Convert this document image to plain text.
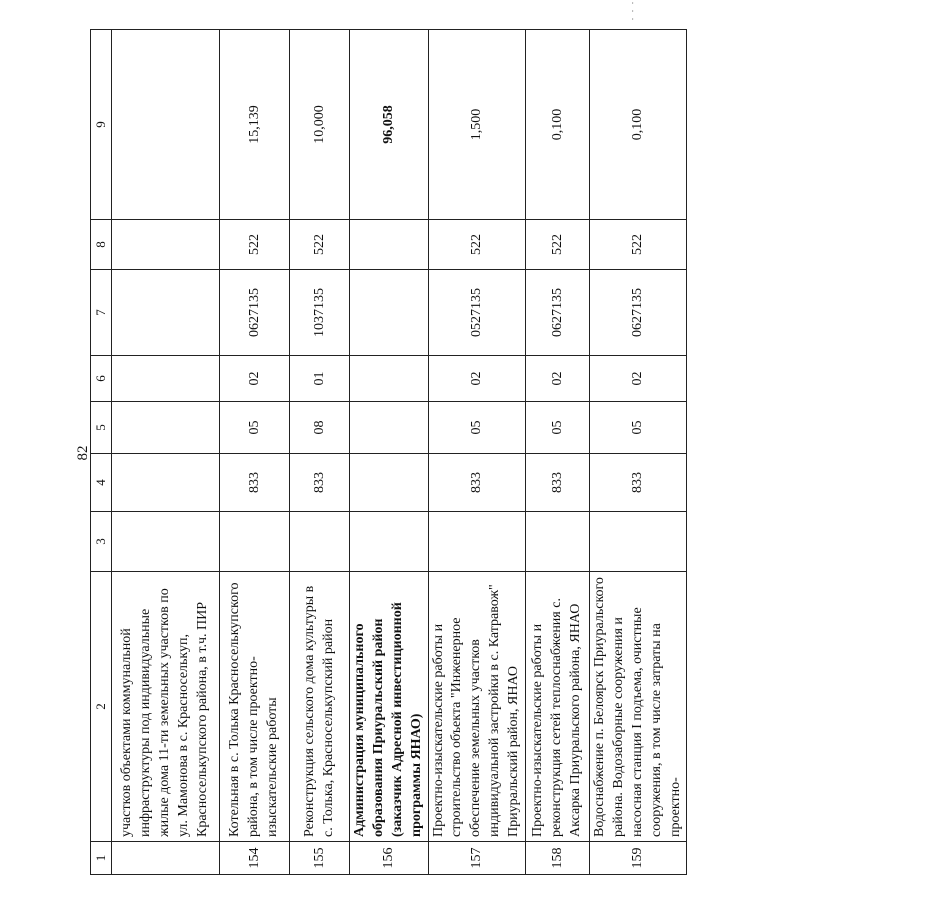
82
·
·
·
1	2	3	4	5	6	7	8	9
	участков объектами коммунальной инфраструктуры под индивидуальные жилые дома 11-ти земельных участков по ул. Мамонова в с. Красноселькуп, Красноселькупского района, в т.ч. ПИР							
154	Котельная в с. Толька Красноселькупского района, в том числе проектно-изыскательские работы		833	05	02	0627135	522	15,139
155	Реконструкция сельского дома культуры в с. Толька, Красноселькупский район		833	08	01	1037135	522	10,000
156	Администрация муниципального образования Приуральский район (заказчик Адресной инвестиционной программы ЯНАО)							96,058
157	Проектно-изыскательские работы и строительство объекта "Инженерное обеспечение земельных участков индивидуальной застройки в с. Катравож" Приуральский район, ЯНАО		833	05	02	0527135	522	1,500
158	Проектно-изыскательские работы и реконструкция сетей теплоснабжения с. Аксарка Приуральского района, ЯНАО		833	05	02	0627135	522	0,100
159	Водоснабжение п. Белоярск Приуральского района. Водозаборные сооружения и насосная станция I подъема, очистные сооружения, в том числе затраты на проектно-		833	05	02	0627135	522	0,100
